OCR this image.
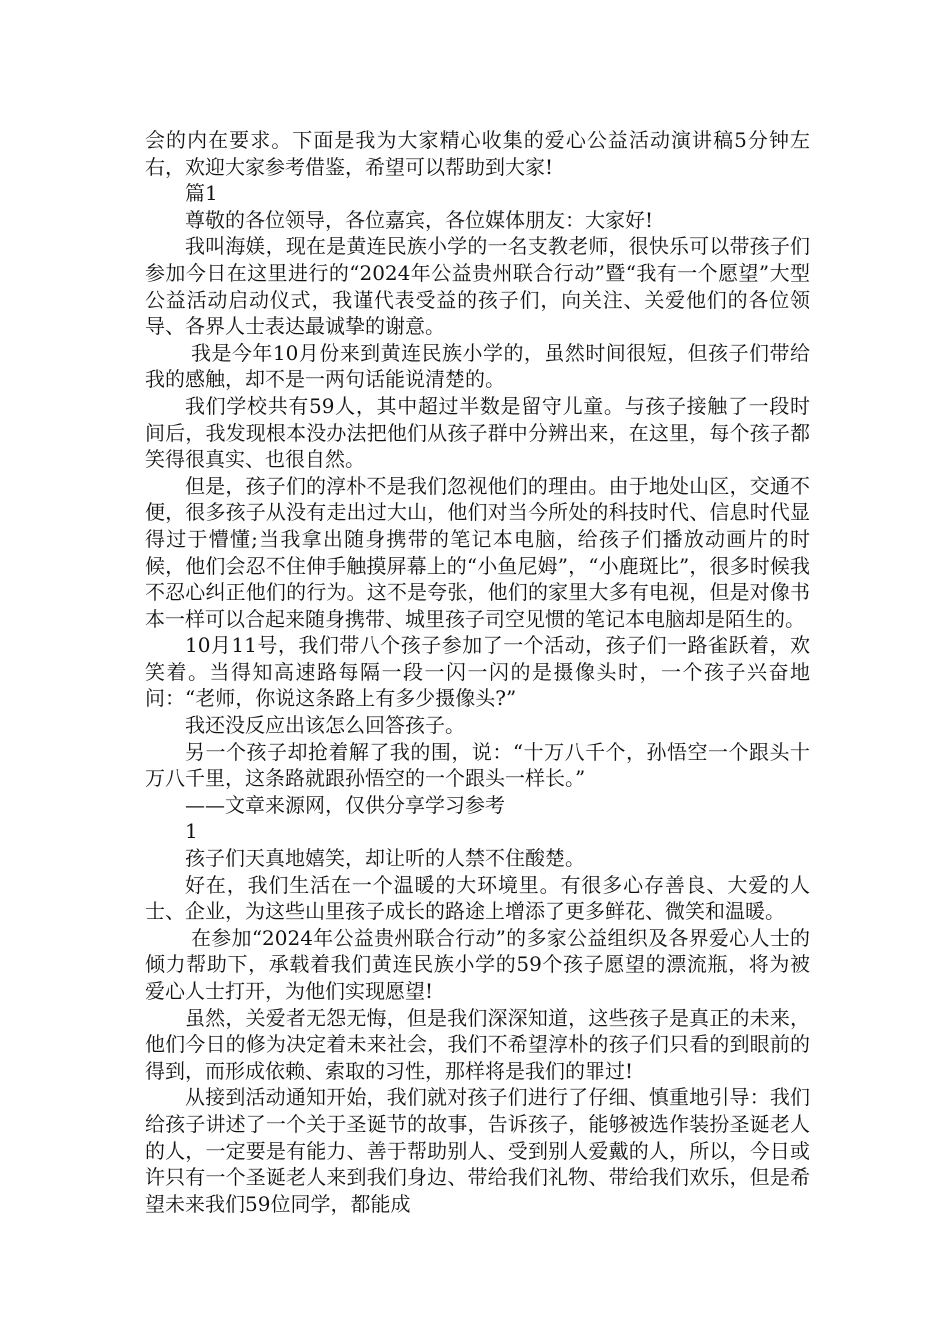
会的内在要求。下面是我为大家精心收集的爱心公益活动演讲稿5分钟左右，欢迎大家参考借鉴，希望可以帮助到大家!

篇1

尊敬的各位领导，各位嘉宾，各位媒体朋友：大家好!

我叫海媄，现在是黄连民族小学的一名支教老师，很快乐可以带孩子们参加今日在这里进行的“2024年公益贵州联合行动”暨“我有一个愿望”大型公益活动启动仪式，我谨代表受益的孩子们，向关注、关爱他们的各位领导、各界人士表达最诚挚的谢意。

我是今年10月份来到黄连民族小学的，虽然时间很短，但孩子们带给我的感触，却不是一两句话能说清楚的。

我们学校共有59人，其中超过半数是留守儿童。与孩子接触了一段时间后，我发现根本没办法把他们从孩子群中分辨出来，在这里，每个孩子都笑得很真实、也很自然。

但是，孩子们的淳朴不是我们忽视他们的理由。由于地处山区，交通不便，很多孩子从没有走出过大山，他们对当今所处的科技时代、信息时代显得过于懵懂;当我拿出随身携带的笔记本电脑，给孩子们播放动画片的时候，他们会忍不住伸手触摸屏幕上的“小鱼尼姆”，“小鹿斑比”，很多时候我不忍心纠正他们的行为。这不是夸张，他们的家里大多有电视，但是对像书本一样可以合起来随身携带、城里孩子司空见惯的笔记本电脑却是陌生的。

10月11号，我们带八个孩子参加了一个活动，孩子们一路雀跃着，欢笑着。当得知高速路每隔一段一闪一闪的是摄像头时，一个孩子兴奋地问：“老师，你说这条路上有多少摄像头?”

我还没反应出该怎么回答孩子。

另一个孩子却抢着解了我的围，说：“十万八千个，孙悟空一个跟头十万八千里，这条路就跟孙悟空的一个跟头一样长。”

——文章来源网，仅供分享学习参考

1

孩子们天真地嬉笑，却让听的人禁不住酸楚。

好在，我们生活在一个温暖的大环境里。有很多心存善良、大爱的人士、企业，为这些山里孩子成长的路途上增添了更多鲜花、微笑和温暖。

在参加“2024年公益贵州联合行动”的多家公益组织及各界爱心人士的倾力帮助下，承载着我们黄连民族小学的59个孩子愿望的漂流瓶，将为被爱心人士打开，为他们实现愿望!

虽然，关爱者无怨无悔，但是我们深深知道，这些孩子是真正的未来，他们今日的修为决定着未来社会，我们不希望淳朴的孩子们只看的到眼前的得到，而形成依赖、索取的习性，那样将是我们的罪过!

从接到活动通知开始，我们就对孩子们进行了仔细、慎重地引导：我们给孩子讲述了一个关于圣诞节的故事，告诉孩子，能够被选作装扮圣诞老人的人，一定要是有能力、善于帮助别人、受到别人爱戴的人，所以，今日或许只有一个圣诞老人来到我们身边、带给我们礼物、带给我们欢乐，但是希望未来我们59位同学，都能成
